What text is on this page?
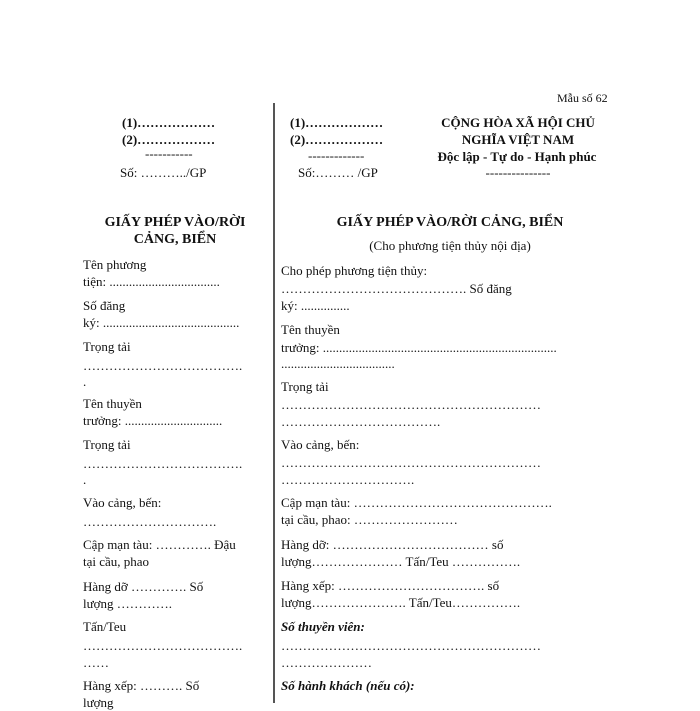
Mẫu số 62
(1)………………
(2)………………
-----------
Số: ………../GP
(1)………………
(2)………………
-------------
Số:……… /GP
CỘNG HÒA XÃ HỘI CHỦ
NGHĨA VIỆT NAM
Độc lập - Tự do - Hạnh phúc
---------------
GIẤY PHÉP VÀO/RỜI
CẢNG, BIỂN
Tên phương
tiện: ..................................
Số đăng
ký: ..........................................
Trọng tải
……………………………….
.
Tên thuyền
trưởng: ..............................
Trọng tải
……………………………….
.
Vào cảng, bến:
………………………….
Cập mạn tàu: …………. Đậu
tại cầu, phao
Hàng dỡ …………. Số
lượng ………….
Tấn/Teu
……………………………….
……
Hàng xếp: ………. Số
lượng
GIẤY PHÉP VÀO/RỜI CẢNG, BIỂN
(Cho phương tiện thủy nội địa)
Cho phép phương tiện thủy:
……………………………………. Số đăng
ký: ...............
Tên thuyền
trưởng: ........................................................................
...................................
Trọng tải
……………………………………………………
……………………………….
Vào cảng, bến:
……………………………………………………
………………………….
Cập mạn tàu: ……………………………………….
tại cầu, phao: ……………………
Hàng dỡ: ……………………………… số
lượng………………… Tấn/Teu …………….
Hàng xếp: ……………………………. số
lượng…………………. Tấn/Teu…………….
Số thuyền viên:
……………………………………………………
…………………
Số hành khách (nếu có):
